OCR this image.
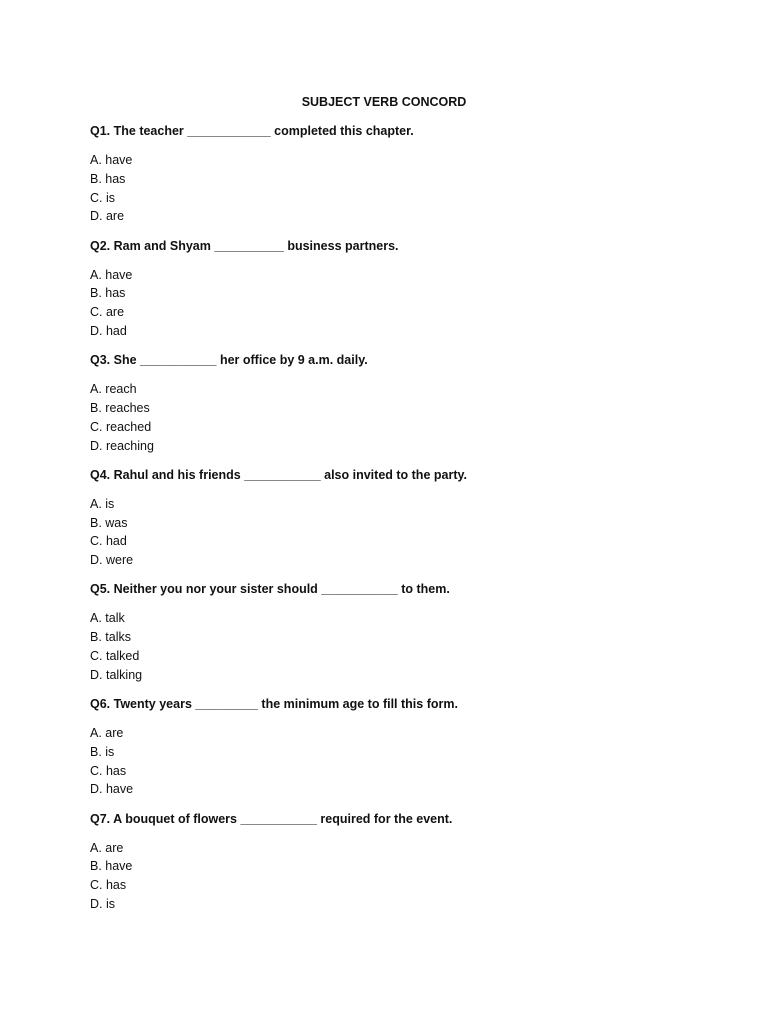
SUBJECT VERB CONCORD
Q1. The teacher ____________ completed this chapter.
A. have
B. has
C. is
D. are
Q2. Ram and Shyam __________ business partners.
A. have
B. has
C. are
D. had
Q3. She ___________ her office by 9 a.m. daily.
A. reach
B. reaches
C. reached
D. reaching
Q4. Rahul and his friends ___________ also invited to the party.
A. is
B. was
C. had
D. were
Q5. Neither you nor your sister should ___________ to them.
A. talk
B. talks
C. talked
D. talking
Q6. Twenty years _________ the minimum age to fill this form.
A. are
B. is
C. has
D. have
Q7. A bouquet of flowers ___________ required for the event.
A. are
B. have
C. has
D. is
